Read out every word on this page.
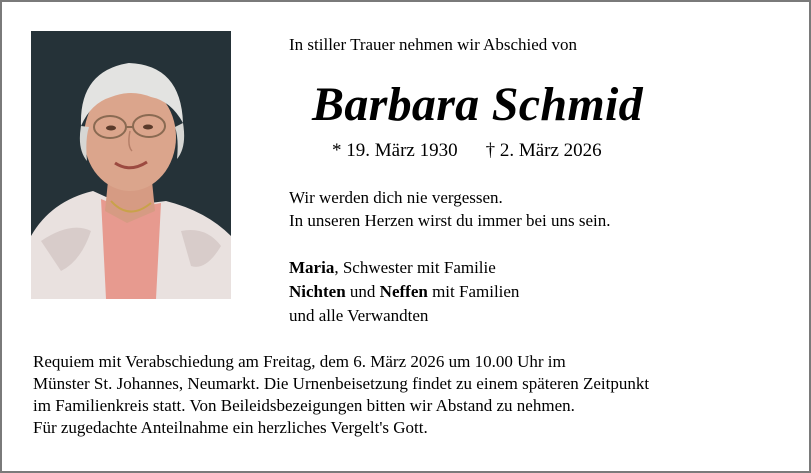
In stiller Trauer nehmen wir Abschied von
Barbara Schmid
* 19. März 1930 † 2. März 2026
Wir werden dich nie vergessen.
In unseren Herzen wirst du immer bei uns sein.
Maria, Schwester mit Familie
Nichten und Neffen mit Familien
und alle Verwandten
Requiem mit Verabschiedung am Freitag, dem 6. März 2026 um 10.00 Uhr im
Münster St. Johannes, Neumarkt. Die Urnenbeisetzung findet zu einem späteren Zeitpunkt
im Familienkreis statt. Von Beileidsbezeigungen bitten wir Abstand zu nehmen.
Für zugedachte Anteilnahme ein herzliches Vergelt's Gott.
